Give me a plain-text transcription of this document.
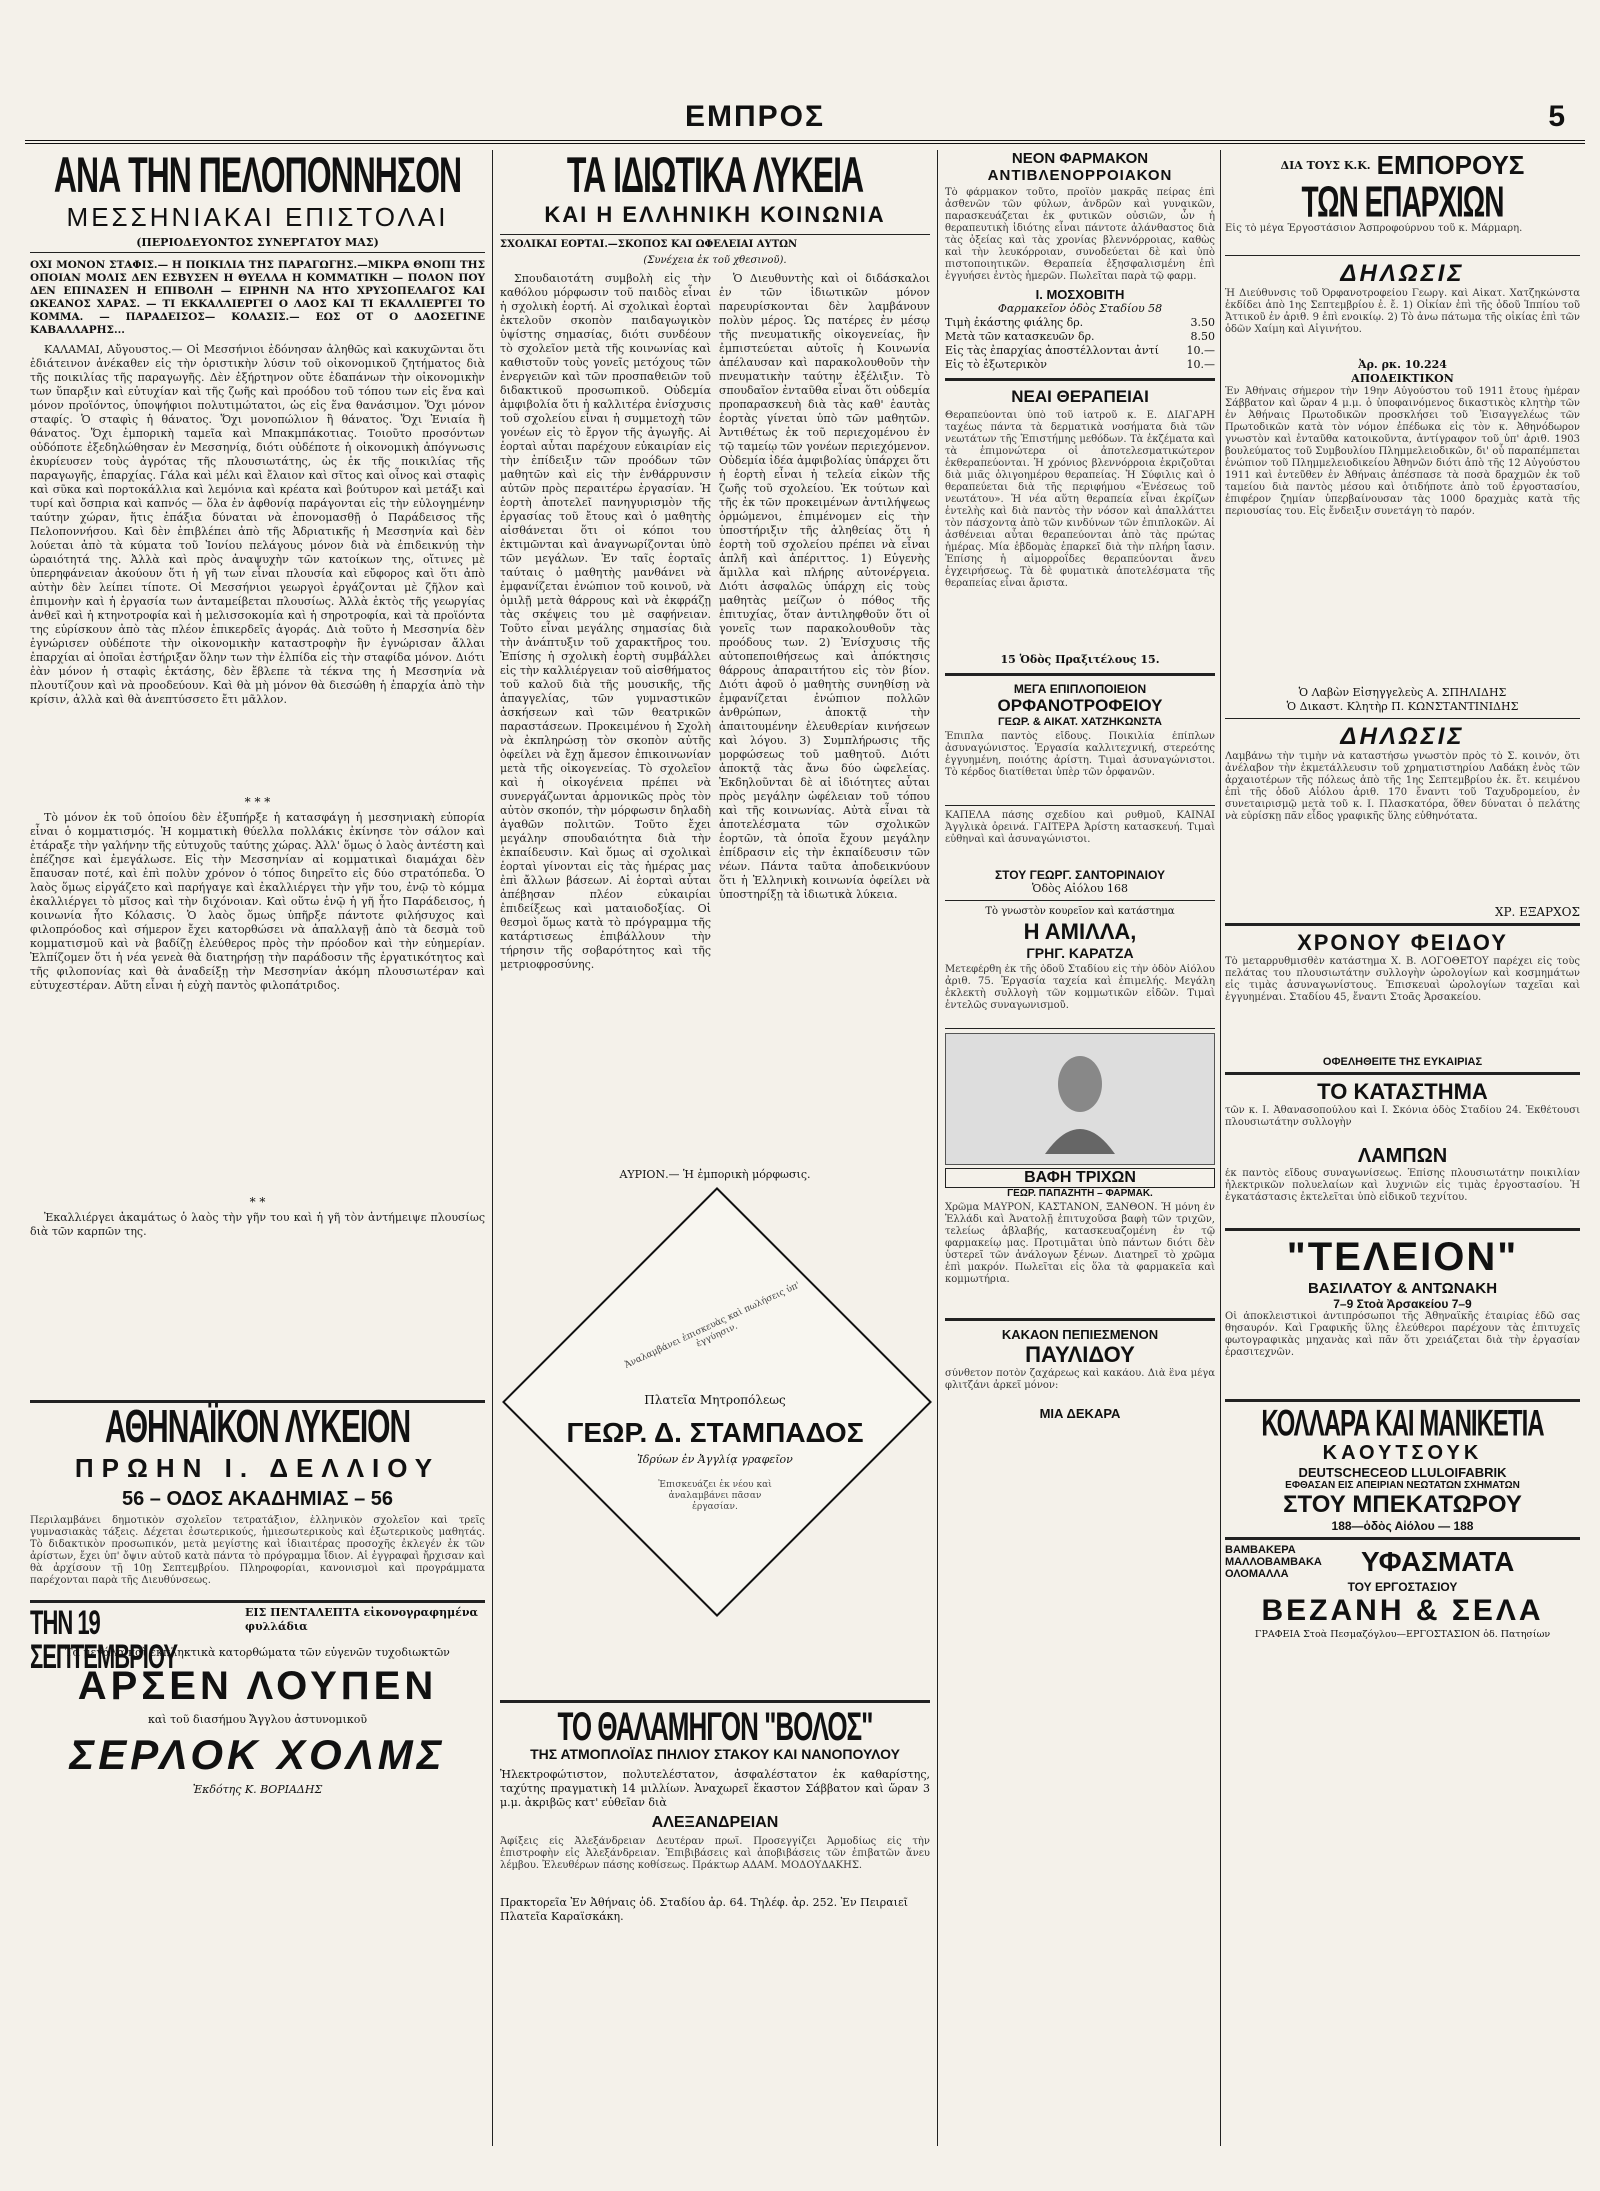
ΕΜΠΡΟΣ	5
ΑΝΑ ΤΗΝ ΠΕΛΟΠΟΝΝΗΣΟΝ
ΜΕΣΣΗΝΙΑΚΑΙ ΕΠΙΣΤΟΛΑΙ
(ΠΕΡΙΟΔΕΥΟΝΤΟΣ ΣΥΝΕΡΓΑΤΟΥ ΜΑΣ)
ΟΧΙ ΜΟΝΟΝ ΣΤΑΦΙΣ.— Η ΠΟΙΚΙΛΙΑ ΤΗΣ ΠΑΡΑΓΩΓΗΣ.—ΜΙΚΡΑ ΘΝΟΠΙ ΤΗΣ ΟΠΟΙΑΝ ΜΟΛΙΣ ΔΕΝ ΕΣΒΥΣΕΝ Η ΘΥΕΛΛΑ Η ΚΟΜΜΑΤΙΚΗ — ΠΟΛΟΝ ΠΟΥ ΔΕΝ ΕΠΙΝΑΣΕΝ Η ΕΠΙΒΟΛΗ — ΕΙΡΗΝΗ ΝΑ ΗΤΟ ΧΡΥΣΟΠΕΛΑΓΟΣ ΚΑΙ ΩΚΕΑΝΟΣ ΧΑΡΑΣ. — ΤΙ ΕΚΚΑΛΛΙΕΡΓΕΙ Ο ΛΑΟΣ ΚΑΙ ΤΙ ΕΚΑΛΛΙΕΡΓΕΙ ΤΟ ΚΟΜΜΑ. — ΠΑΡΑΔΕΙΣΟΣ— ΚΟΛΑΣΙΣ.— ΕΩΣ ΟΤ Ο ΔΑΟΣΕΓΙΝΕ ΚΑΒΑΛΛΑΡΗΣ...

ΚΑΛΑΜΑΙ, Αὔγουστος.— Οἱ Μεσσήνιοι ἐδόνησαν ἀληθῶς καὶ κακυχῶνται ὅτι ἐδιάτεινον ἀνέκαθεν εἰς τὴν ὁριστικὴν λύσιν τοῦ οἰκονομικοῦ ζητήματος διὰ τῆς ποικιλίας τῆς παραγωγῆς. Δὲν ἐξήρτηνον οὔτε ἐδαπάνων τὴν οἰκονομικὴν των ὕπαρξιν καὶ εὐτυχίαν καὶ τῆς ζωῆς καὶ προόδου τοῦ τόπου των εἰς ἕνα καὶ μόνον προϊόντος, ὑποψήφιοι πολυτιμώτατοι, ὡς εἰς ἕνα θανάσιμον. Ὅχι μόνον σταφίς. Ὁ σταφὶς ἡ θάνατος. Ὅχι μονοπώλιον ἢ θάνατος. Ὅχι Ἑνιαία ἢ θάνατος. Ὅχι ἐμπορικὴ ταμεῖα καὶ Μπακμπάκοτιας. Τοιοῦτο προσόντων οὐδόποτε ἐξεδηλώθησαν ἐν Μεσσηνίᾳ, διότι οὐδέποτε ἡ οἰκονομικὴ ἀπόγνωσις ἐκυρίευσεν τοὺς ἀγρότας τῆς πλουσιωτάτης, ὡς ἐκ τῆς ποικιλίας τῆς παραγωγῆς, ἐπαρχίας. Γάλα καὶ μέλι καὶ ἔλαιον καὶ σῖτος καὶ οἶνος καὶ σταφὶς καὶ σῦκα καὶ πορτοκάλλια καὶ λεμόνια καὶ κρέατα καὶ βούτυρον καὶ μετάξι καὶ τυρί καὶ ὄσπρια καὶ καπνός — ὅλα ἐν ἀφθονίᾳ παράγονται εἰς τὴν εὐλογημένην ταύτην χώραν, ἥτις ἐπάξια δύναται νὰ ἐπονομασθῇ ὁ Παράδεισος τῆς Πελοποννήσου. Καὶ δὲν ἐπιβλέπει ἀπὸ τῆς Ἀδριατικῆς ἡ Μεσσηνία καὶ δὲν λούεται ἀπὸ τὰ κύματα τοῦ Ἰονίου πελάγους μόνον διὰ νὰ ἐπιδεικνύῃ τὴν ὡραιότητά της. Ἀλλὰ καὶ πρὸς ἀναψυχὴν τῶν κατοίκων της, οἵτινες μὲ ὑπερηφάνειαν ἀκούουν ὅτι ἡ γῆ των εἶναι πλουσία καὶ εὔφορος καὶ ὅτι ἀπὸ αὐτὴν δὲν λείπει τίποτε. Οἱ Μεσσήνιοι γεωργοὶ ἐργάζονται μὲ ζῆλον καὶ ἐπιμονὴν καὶ ἡ ἐργασία των ἀνταμείβεται πλουσίως. Ἀλλὰ ἐκτὸς τῆς γεωργίας ἀνθεῖ καὶ ἡ κτηνοτροφία καὶ ἡ μελισσοκομία καὶ ἡ σηροτροφία, καὶ τὰ προϊόντα της εὑρίσκουν ἀπὸ τὰς πλέον ἐπικερδεῖς ἀγοράς. Διὰ τοῦτο ἡ Μεσσηνία δὲν ἐγνώρισεν οὐδέποτε τὴν οἰκονομικὴν καταστροφὴν ἣν ἐγνώρισαν ἄλλαι ἐπαρχίαι αἱ ὁποῖαι ἐστήριξαν ὅλην των τὴν ἐλπίδα εἰς τὴν σταφίδα μόνον. Διότι ἐὰν μόνον ἡ σταφὶς ἐκτάσης, δὲν ἔβλεπε τὰ τέκνα της ἡ Μεσσηνία νὰ πλουτίζουν καὶ νὰ προοδεύουν. Καὶ θὰ μὴ μόνον θὰ διεσώθη ἡ ἐπαρχία ἀπὸ τὴν κρίσιν, ἀλλὰ καὶ θὰ ἀνεπτύσσετο ἔτι μᾶλλον.

* * *

Τὸ μόνον ἐκ τοῦ ὁποίου δὲν ἐξυπήρξε ἡ κατασφάγη ἡ μεσσηνιακὴ εὐπορία εἶναι ὁ κομματισμός. Ἡ κομματικὴ θύελλα πολλάκις ἐκίνησε τὸν σάλον καὶ ἐτάραξε τὴν γαλήνην τῆς εὐτυχοῦς ταύτης χώρας. Ἀλλ' ὅμως ὁ λαὸς ἀντέστη καὶ ἐπέζησε καὶ ἐμεγάλωσε. Εἰς τὴν Μεσσηνίαν αἱ κομματικαὶ διαμάχαι δὲν ἔπαυσαν ποτέ, καὶ ἐπὶ πολὺν χρόνον ὁ τόπος διηρεῖτο εἰς δύο στρατόπεδα. Ὁ λαὸς ὅμως εἰργάζετο καὶ παρήγαγε καὶ ἐκαλλιέργει τὴν γῆν του, ἐνῷ τὸ κόμμα ἐκαλλιέργει τὸ μῖσος καὶ τὴν διχόνοιαν. Καὶ οὕτω ἐνῷ ἡ γῆ ἦτο Παράδεισος, ἡ κοινωνία ἦτο Κόλασις. Ὁ λαὸς ὅμως ὑπῆρξε πάντοτε φιλήσυχος καὶ φιλοπρόοδος καὶ σήμερον ἔχει κατορθώσει νὰ ἀπαλλαγῇ ἀπὸ τὰ δεσμὰ τοῦ κομματισμοῦ καὶ νὰ βαδίζῃ ἐλεύθερος πρὸς τὴν πρόοδον καὶ τὴν εὐημερίαν. Ἐλπίζομεν ὅτι ἡ νέα γενεὰ θὰ διατηρήσῃ τὴν παράδοσιν τῆς ἐργατικότητος καὶ τῆς φιλοπονίας καὶ θὰ ἀναδείξῃ τὴν Μεσσηνίαν ἀκόμη πλουσιωτέραν καὶ εὐτυχεστέραν. Αὕτη εἶναι ἡ εὐχὴ παντὸς φιλοπάτριδος.

* *

Ἐκαλλιέργει ἀκαμάτως ὁ λαὸς τὴν γῆν του καὶ ἡ γῆ τὸν ἀντήμειψε πλουσίως διὰ τῶν καρπῶν της.

ΑΘΗΝΑΪΚΟΝ ΛΥΚΕΙΟΝ
ΠΡΩΗΝ Ι. ΔΕΛΛΙΟΥ
56 – ΟΔΟΣ ΑΚΑΔΗΜΙΑΣ – 56
Περιλαμβάνει δημοτικὸν σχολεῖον τετρατάξιον, ἑλληνικὸν σχολεῖον καὶ τρεῖς γυμνασιακὰς τάξεις. Δέχεται ἐσωτερικούς, ἡμιεσωτερικοὺς καὶ ἐξωτερικοὺς μαθητάς. Τὸ διδακτικὸν προσωπικόν, μετὰ μεγίστης καὶ ἰδιαιτέρας προσοχῆς ἐκλεγέν ἐκ τῶν ἀρίστων, ἔχει ὑπ' ὄψιν αὑτοῦ κατὰ πάντα τὸ πρόγραμμα ἴδιον. Αἱ ἐγγραφαὶ ἤρχισαν καὶ θὰ ἀρχίσουν τῇ 10ῃ Σεπτεμβρίου. Πληροφορίαι, κανονισμοὶ καὶ προγράμματα παρέχονται παρὰ τῆς Διευθύνσεως.
ΤΗΝ 19 ΣΕΠΤΕΜΒΡΙΟΥ
ΕΙΣ ΠΕΝΤΑΛΕΠΤΑ εἰκονογραφημένα φυλλάδια
Τὰ μεγάλα καὶ ἐκπληκτικὰ κατορθώματα τῶν εὐγενῶν τυχοδιωκτῶν
ΑΡΣΕΝ ΛΟΥΠΕΝ
καὶ τοῦ διασήμου Ἄγγλου ἀστυνομικοῦ
ΣΕΡΛΟΚ ΧΟΛΜΣ
Ἐκδότης Κ. ΒΟΡΙΑΔΗΣ
ΤΑ ΙΔΙΩΤΙΚΑ ΛΥΚΕΙΑ
ΚΑΙ Η ΕΛΛΗΝΙΚΗ ΚΟΙΝΩΝΙΑ
ΣΧΟΛΙΚΑΙ ΕΟΡΤΑΙ.—ΣΚΟΠΟΣ ΚΑΙ ΩΦΕΛΕΙΑΙ ΑΥΤΩΝ
(Συνέχεια ἐκ τοῦ χθεσινοῦ).

Σπουδαιοτάτη συμβολὴ εἰς τὴν καθόλου μόρφωσιν τοῦ παιδὸς εἶναι ἡ σχολικὴ ἑορτή. Αἱ σχολικαὶ ἑορταὶ ἐκτελοῦν σκοπὸν παιδαγωγικὸν ὑψίστης σημασίας, διότι συνδέουν τὸ σχολεῖον μετὰ τῆς κοινωνίας καὶ καθιστοῦν τοὺς γονεῖς μετόχους τῶν ἐνεργειῶν καὶ τῶν προσπαθειῶν τοῦ διδακτικοῦ προσωπικοῦ. Οὐδεμία ἀμφιβολία ὅτι ἡ καλλιτέρα ἐνίσχυσις τοῦ σχολείου εἶναι ἡ συμμετοχὴ τῶν γονέων εἰς τὸ ἔργον τῆς ἀγωγῆς. Αἱ ἑορταὶ αὗται παρέχουν εὐκαιρίαν εἰς τὴν ἐπίδειξιν τῶν προόδων τῶν μαθητῶν καὶ εἰς τὴν ἐνθάρρυνσιν αὐτῶν πρὸς περαιτέρω ἐργασίαν. Ἡ ἑορτὴ ἀποτελεῖ πανηγυρισμὸν τῆς ἐργασίας τοῦ ἔτους καὶ ὁ μαθητὴς αἰσθάνεται ὅτι οἱ κόποι του ἐκτιμῶνται καὶ ἀναγνωρίζονται ὑπὸ τῶν μεγάλων. Ἐν ταῖς ἑορταῖς ταύταις ὁ μαθητὴς μανθάνει νὰ ἐμφανίζεται ἐνώπιον τοῦ κοινοῦ, νὰ ὁμιλῇ μετὰ θάρρους καὶ νὰ ἐκφράζῃ τὰς σκέψεις του μὲ σαφήνειαν. Τοῦτο εἶναι μεγάλης σημασίας διὰ τὴν ἀνάπτυξιν τοῦ χαρακτῆρος του. Ἐπίσης ἡ σχολικὴ ἑορτὴ συμβάλλει εἰς τὴν καλλιέργειαν τοῦ αἰσθήματος τοῦ καλοῦ διὰ τῆς μουσικῆς, τῆς ἀπαγγελίας, τῶν γυμναστικῶν ἀσκήσεων καὶ τῶν θεατρικῶν παραστάσεων. Προκειμένου ἡ Σχολὴ νὰ ἐκπληρώσῃ τὸν σκοπὸν αὐτῆς ὀφείλει νὰ ἔχῃ ἄμεσον ἐπικοινωνίαν μετὰ τῆς οἰκογενείας. Τὸ σχολεῖον καὶ ἡ οἰκογένεια πρέπει νὰ συνεργάζωνται ἁρμονικῶς πρὸς τὸν αὐτὸν σκοπόν, τὴν μόρφωσιν δηλαδὴ ἀγαθῶν πολιτῶν. Τοῦτο ἔχει μεγάλην σπουδαιότητα διὰ τὴν ἐκπαίδευσιν. Καὶ ὅμως αἱ σχολικαὶ ἑορταὶ γίνονται εἰς τὰς ἡμέρας μας ἐπὶ ἄλλων βάσεων. Αἱ ἑορταὶ αὗται ἀπέβησαν πλέον εὐκαιρίαι ἐπιδείξεως καὶ ματαιοδοξίας. Οἱ θεσμοὶ ὅμως κατὰ τὸ πρόγραμμα τῆς κατάρτισεως ἐπιβάλλουν τὴν τήρησιν τῆς σοβαρότητος καὶ τῆς μετριοφροσύνης.

Ὁ Διευθυντὴς καὶ οἱ διδάσκαλοι ἐν τῶν ἰδιωτικῶν μόνον παρευρίσκονται δὲν λαμβάνουν πολὺν μέρος. Ὡς πατέρες ἐν μέσῳ τῆς πνευματικῆς οἰκογενείας, ἣν ἐμπιστεύεται αὐτοῖς ἡ Κοινωνία ἀπέλαυσαν καὶ παρακολουθοῦν τὴν πνευματικὴν ταύτην ἐξέλιξιν. Τὸ σπουδαῖον ἐνταῦθα εἶναι ὅτι οὐδεμία προπαρασκευὴ διὰ τὰς καθ' ἑαυτὰς ἑορτὰς γίνεται ὑπὸ τῶν μαθητῶν. Ἀντιθέτως ἐκ τοῦ περιεχομένου ἐν τῷ ταμείῳ τῶν γονέων περιεχόμενον. Οὐδεμία ἰδέα ἀμφιβολίας ὑπάρχει ὅτι ἡ ἑορτὴ εἶναι ἡ τελεία εἰκὼν τῆς ζωῆς τοῦ σχολείου. Ἐκ τούτων καὶ τῆς ἐκ τῶν προκειμένων ἀντιλήψεως ὁρμώμενοι, ἐπιμένομεν εἰς τὴν ὑποστήριξιν τῆς ἀληθείας ὅτι ἡ ἑορτὴ τοῦ σχολείου πρέπει νὰ εἶναι ἁπλῆ καὶ ἀπέριττος. 1) Εὐγενὴς ἅμιλλα καὶ πλήρης αὐτονέργεια. Διότι ἀσφαλῶς ὑπάρχη εἰς τοὺς μαθητὰς μείζων ὁ πόθος τῆς ἐπιτυχίας, ὅταν ἀντιληφθοῦν ὅτι οἱ γονεῖς των παρακολουθοῦν τὰς προόδους των. 2) Ἐνίσχυσις τῆς αὐτοπεποιθήσεως καὶ ἀπόκτησις θάρρους ἀπαραιτήτου εἰς τὸν βίον. Διότι ἀφοῦ ὁ μαθητὴς συνηθίσῃ νὰ ἐμφανίζεται ἐνώπιον πολλῶν ἀνθρώπων, ἀποκτᾷ τὴν ἀπαιτουμένην ἐλευθερίαν κινήσεων καὶ λόγου. 3) Συμπλήρωσις τῆς μορφώσεως τοῦ μαθητοῦ. Διότι ἀποκτᾷ τὰς ἄνω δύο ὠφελείας. Ἐκδηλοῦνται δὲ αἱ ἰδιότητες αὗται πρὸς μεγάλην ὠφέλειαν τοῦ τόπου καὶ τῆς κοινωνίας. Αὐτὰ εἶναι τὰ ἀποτελέσματα τῶν σχολικῶν ἑορτῶν, τὰ ὁποῖα ἔχουν μεγάλην ἐπίδρασιν εἰς τὴν ἐκπαίδευσιν τῶν νέων. Πάντα ταῦτα ἀποδεικνύουν ὅτι ἡ Ἑλληνικὴ κοινωνία ὀφείλει νὰ ὑποστηρίξῃ τὰ ἰδιωτικὰ λύκεια.

ΑΥΡΙΟΝ.— Ἡ ἐμπορικὴ μόρφωσις.
Ἀναλαμβάνει ἐπισκευὰς καὶ πωλήσεις ὑπ' ἐγγύησιν.
Πλατεῖα Μητροπόλεως
ΓΕΩΡ. Δ. ΣΤΑΜΠΑΔΟΣ
Ἱδρύων ἐν Ἀγγλίᾳ γραφεῖον
Ἐπισκευάζει ἐκ νέου καὶ ἀναλαμβάνει πᾶσαν ἐργασίαν.
ΤΟ ΘΑΛΑΜΗΓΟΝ "ΒΟΛΟΣ"
ΤΗΣ ΑΤΜΟΠΛΟΪΑΣ ΠΗΛΙΟΥ ΣΤΑΚΟΥ ΚΑΙ ΝΑΝΟΠΟΥΛΟΥ
Ἠλεκτροφώτιστον, πολυτελέστατον, ἀσφαλέστατον ἐκ καθαρίστης, ταχύτης πραγματικὴ 14 μιλλίων. Ἀναχωρεῖ ἕκαστον Σάββατον καὶ ὥραν 3 μ.μ. ἀκριβῶς κατ' εὐθεῖαν διὰ
ΑΛΕΞΑΝΔΡΕΙΑΝ
Ἀφίξεις εἰς Ἀλεξάνδρειαν Δευτέραν πρωΐ. Προσεγγίζει Ἀρμοδίως εἰς τὴν ἐπιστροφὴν εἰς Ἀλεξάνδρειαν. Ἐπιβιβάσεις καὶ ἀποβιβάσεις τῶν ἐπιβατῶν ἄνευ λέμβου. Ἐλευθέρων πάσης κοθίσεως. Πράκτωρ ΑΔΑΜ. ΜΟΔΟΥΔΑΚΗΣ.
Πρακτορεῖα Ἐν Ἀθήναις ὁδ. Σταδίου ἀρ. 64. Τηλέφ. ἀρ. 252. Ἐν Πειραιεῖ Πλατεῖα Καραϊσκάκη.
ΝΕΟΝ ΦΑΡΜΑΚΟΝ
ΑΝΤΙΒΛΕΝΟΡΡΟΙΑΚΟΝ
Τὸ φάρμακον τοῦτο, προϊὸν μακρᾶς πείρας ἐπὶ ἀσθενῶν τῶν φύλων, ἀνδρῶν καὶ γυναικῶν, παρασκευάζεται ἐκ φυτικῶν οὐσιῶν, ὧν ἡ θεραπευτικὴ ἰδιότης εἶναι πάντοτε ἀλάνθαστος διὰ τὰς ὀξείας καὶ τὰς χρονίας βλεννόρροιας, καθὼς καὶ τὴν λευκόρροιαν, συνοδεύεται δὲ καὶ ὑπὸ πιστοποιητικῶν. Θεραπεία ἐξησφαλισμένη ἐπὶ ἐγγυήσει ἐντὸς ἡμερῶν. Πωλεῖται παρὰ τῷ φαρμ.
Ι. ΜΟΣΧΟΒΙΤΗ
Φαρμακεῖον ὁδὸς Σταδίου 58
Τιμὴ ἐκάστης φιάλης δρ.	3.50
Μετὰ τῶν κατασκευῶν δρ.	8.50
Εἰς τὰς ἐπαρχίας ἀποστέλλονται ἀντί	10.—
Εἰς τὸ ἐξωτερικὸν	10.—
ΝΕΑΙ ΘΕΡΑΠΕΙΑΙ
Θεραπεύονται ὑπὸ τοῦ ἰατροῦ κ. Ε. ΔΙΑΓΑΡΗ ταχέως πάντα τὰ δερματικὰ νοσήματα διὰ τῶν νεωτάτων τῆς Ἐπιστήμης μεθόδων. Τὰ ἐκζέματα καὶ τὰ ἐπιμονώτερα οἱ ἀποτελεσματικώτερον ἐκθεραπεύονται. Ἡ χρόνιος βλεννόρροια ἐκριζοῦται διὰ μιᾶς ὀλιγοημέρου θεραπείας. Ἡ Σύφιλις καὶ ὁ θεραπεύεται διὰ τῆς περιφήμου «Ἐνέσεως τοῦ νεωτάτου». Ἡ νέα αὕτη θεραπεία εἶναι ἐκρίζων ἐντελὴς καὶ διὰ παντὸς τὴν νόσον καὶ ἀπαλλάττει τὸν πάσχοντα ἀπὸ τῶν κινδύνων τῶν ἐπιπλοκῶν. Αἱ ἀσθένειαι αὗται θεραπεύονται ἀπὸ τὰς πρώτας ἡμέρας. Μία ἑβδομὰς ἐπαρκεῖ διὰ τὴν πλήρη ἴασιν. Ἐπίσης ἡ αἱμορροΐδες θεραπεύονται ἄνευ ἐγχειρήσεως. Τὰ δὲ φυματικὰ ἀποτελέσματα τῆς θεραπείας εἶναι ἄριστα.
15 Ὁδὸς Πραξιτέλους 15.
ΜΕΓΑ ΕΠΙΠΛΟΠΟΙΕΙΟΝ
ΟΡΦΑΝΟΤΡΟΦΕΙΟΥ
ΓΕΩΡ. & ΑΙΚΑΤ. ΧΑΤΖΗΚΩΝΣΤΑ
Ἐπιπλα παντὸς εἴδους. Ποικιλία ἐπίπλων ἀσυναγώνιστος. Ἐργασία καλλιτεχνική, στερεότης ἐγγυημένη, ποιότης ἀρίστη. Τιμαὶ ἀσυναγώνιστοι. Τὸ κέρδος διατίθεται ὑπὲρ τῶν ὀρφανῶν.
ΚΑΠΕΛΑ πάσης σχεδίου καὶ ρυθμοῦ, ΚΑΙΝΑΙ Ἀγγλικὰ ὀρεινά. ΓΑΙΤΕΡΑ Ἀρίστη κατασκευή. Τιμαὶ εὐθηναὶ καὶ ἀσυναγώνιστοι.
ΣΤΟΥ ΓΕΩΡΓ. ΣΑΝΤΟΡΙΝΑΙΟΥ
Ὁδὸς Αἰόλου 168
Τὸ γνωστὸν κουρεῖον καὶ κατάστημα
Η ΑΜΙΛΛΑ,
ΓΡΗΓ. ΚΑΡΑΤΖΑ
Μετεφέρθη ἐκ τῆς ὁδοῦ Σταδίου εἰς τὴν ὁδὸν Αἰόλου ἀριθ. 75. Ἐργασία ταχεία καὶ ἐπιμελής. Μεγάλη ἐκλεκτὴ συλλογὴ τῶν κομμωτικῶν εἰδῶν. Τιμαὶ ἐντελῶς συναγωνισμοῦ.
ΒΑΦΗ ΤΡΙΧΩΝ
ΓΕΩΡ. ΠΑΠΑΖΗΤΗ – ΦΑΡΜΑΚ.
Χρῶμα ΜΑΥΡΟΝ, ΚΑΣΤΑΝΟΝ, ΞΑΝΘΟΝ. Ἡ μόνη ἐν Ἑλλάδι καὶ Ἀνατολῇ ἐπιτυχοῦσα βαφὴ τῶν τριχῶν, τελείως ἀβλαβής, κατασκευαζομένη ἐν τῷ φαρμακείῳ μας. Προτιμᾶται ὑπὸ πάντων διότι δὲν ὑστερεῖ τῶν ἀνάλογων ξένων. Διατηρεῖ τὸ χρῶμα ἐπὶ μακρόν. Πωλεῖται εἰς ὅλα τὰ φαρμακεῖα καὶ κομμωτήρια.
ΚΑΚΑΟΝ ΠΕΠΙΕΣΜΕΝΟΝ
ΠΑΥΛΙΔΟΥ
σύνθετον ποτὸν ζαχάρεως καὶ κακάου. Διὰ ἓνα μέγα φλιτζάνι ἀρκεῖ μόνον:
ΜΙΑ ΔΕΚΑΡΑ
ΔΙΑ ΤΟΥΣ Κ.Κ. ΕΜΠΟΡΟΥΣ
ΤΩΝ ΕΠΑΡΧΙΩΝ
Εἰς τὸ μέγα Ἐργοστάσιον Ἀσπροφούρνου τοῦ κ. Μάρμαρη.
ΔΗΛΩΣΙΣ
Ἡ Διεύθυνσις τοῦ Ὀρφανοτροφείου Γεωργ. καὶ Αἰκατ. Χατζηκώνστα ἐκδίδει ἀπὸ 1ης Σεπτεμβρίου ἐ. ἔ. 1) Οἰκίαν ἐπὶ τῆς ὁδοῦ Ἱππίου τοῦ Ἀττικοῦ ἐν ἀριθ. 9 ἐπὶ ενοικίῳ. 2) Τὸ ἀνω πάτωμα τῆς οἰκίας ἐπὶ τῶν ὁδῶν Χαίμη καὶ Αἰγινήτου.
Ἀρ. ρκ. 10.224
ΑΠΟΔΕΙΚΤΙΚΟΝ
Ἐν Ἀθήναις σήμερον τὴν 19ην Αὐγούστου τοῦ 1911 ἔτους ἡμέραν Σάββατον καὶ ὥραν 4 μ.μ. ὁ ὑποφαινόμενος δικαστικὸς κλητὴρ τῶν ἐν Ἀθήναις Πρωτοδικῶν προσκλήσει τοῦ Ἐισαγγελέως τῶν Πρωτοδικῶν κατὰ τὸν νόμον ἐπέδωκα εἰς τὸν κ. Ἀθηνόδωρον γνωστὸν καὶ ἐνταῦθα κατοικοῦντα, ἀντίγραφον τοῦ ὑπ' ἀριθ. 1903 βουλεύματος τοῦ Συμβουλίου Πλημμελειοδικῶν, δι' οὗ παραπέμπεται ἐνώπιον τοῦ Πλημμελειοδικείου Ἀθηνῶν διότι ἀπὸ τῆς 12 Αὐγούστου 1911 καὶ ἐντεῦθεν ἐν Ἀθήναις ἀπέσπασε τὰ ποσὰ δραχμῶν ἐκ τοῦ ταμείου διὰ παντὸς μέσου καὶ ὁτιδήποτε ἀπὸ τοῦ ἐργοστασίου, ἐπιφέρον ζημίαν ὑπερβαίνουσαν τὰς 1000 δραχμὰς κατὰ τῆς περιουσίας του. Εἰς ἔνδειξιν συνετάγη τὸ παρόν.
Ὁ Λαβὼν Εἰσηγγελεὺς Α. ΣΠΗΛΙΔΗΣ
Ὁ Δικαστ. Κλητὴρ Π. ΚΩΝΣΤΑΝΤΙΝΙΔΗΣ
ΔΗΛΩΣΙΣ
Λαμβάνω τὴν τιμὴν νὰ καταστήσω γνωστὸν πρὸς τὸ Σ. κοινόν, ὅτι ἀνέλαβον τὴν ἐκμετάλλευσιν τοῦ χρηματιστηρίου Λαδάκη ἐνὸς τῶν ἀρχαιοτέρων τῆς πόλεως ἀπὸ τῆς 1ης Σεπτεμβρίου ἐκ. ἔτ. κειμένου ἐπὶ τῆς ὁδοῦ Αἰόλου ἀριθ. 170 ἔναντι τοῦ Ταχυδρομείου, ἐν συνεταιρισμῷ μετὰ τοῦ κ. Ι. Πλασκατόρα, ὅθεν δύναται ὁ πελάτης νὰ εὑρίσκῃ πᾶν εἶδος γραφικῆς ὕλης εὐθηνότατα.
ΧΡ. ΕΞΑΡΧΟΣ
ΧΡΟΝΟΥ ΦΕΙΔΟΥ
Τὸ μεταρρυθμισθὲν κατάστημα Χ. Β. ΛΟΓΟΘΕΤΟΥ παρέχει εἰς τοὺς πελάτας του πλουσιωτάτην συλλογὴν ὡρολογίων καὶ κοσμημάτων εἰς τιμὰς ἀσυναγωνίστους. Ἐπισκευαὶ ὡρολογίων ταχεῖαι καὶ ἐγγυημέναι. Σταδίου 45, ἔναντι Στοᾶς Ἀρσακείου.
ΟΦΕΛΗΘΕΙΤΕ ΤΗΣ ΕΥΚΑΙΡΙΑΣ
ΤΟ ΚΑΤΑΣΤΗΜΑ
τῶν κ. Ι. Ἀθανασοπούλου καὶ Ι. Σκόνια ὁδὸς Σταδίου 24. Ἐκθέτουσι πλουσιωτάτην συλλογὴν
ΛΑΜΠΩΝ
ἐκ παντὸς εἴδους συναγωνίσεως. Ἐπίσης πλουσιωτάτην ποικιλίαν ἠλεκτρικῶν πολυελαίων καὶ λυχνιῶν εἰς τιμὰς ἐργοστασίου. Ἡ ἐγκατάστασις ἐκτελεῖται ὑπὸ εἰδικοῦ τεχνίτου.
"ΤΕΛΕΙΟΝ"
ΒΑΣΙΛΑΤΟΥ & ΑΝΤΩΝΑΚΗ
7–9 Στοὰ Ἀρσακείου 7–9
Οἱ ἀποκλειστικοὶ ἀντιπρόσωποι τῆς Ἀθηναϊκῆς ἐταιρίας ἐδῶ σας θησαυρόν. Καὶ Γραφικῆς ὕλης ἐλεύθεροι παρέχουν τὰς ἐπιτυχεῖς φωτογραφικὰς μηχανὰς καὶ πᾶν ὅτι χρειάζεται διὰ τὴν ἐργασίαν ἐρασιτεχνῶν.
ΚΟΛΛΑΡΑ ΚΑΙ ΜΑΝΙΚΕΤΙΑ
ΚΑΟΥΤΣΟΥΚ
DEUTSCHECEOD LLULOIFABRIK
ΕΦΘΑΣΑΝ ΕΙΣ ΑΠΕΙΡΙΑΝ ΝΕΩΤΑΤΩΝ ΣΧΗΜΑΤΩΝ
ΣΤΟΥ ΜΠΕΚΑΤΩΡΟΥ
188—ὁδὸς Αἰόλου — 188
ΒΑΜΒΑΚΕΡΑ
ΜΑΛΛΟΒΑΜΒΑΚΑ
ΟΛΟΜΑΛΛΑ	ΥΦΑΣΜΑΤΑ
ΤΟΥ ΕΡΓΟΣΤΑΣΙΟΥ
ΒΕΖΑΝΗ & ΣΕΛΑ
ΓΡΑΦΕΙΑ Στοὰ Πεσμαζόγλου—ΕΡΓΟΣΤΑΣΙΟΝ ὁδ. Πατησίων
